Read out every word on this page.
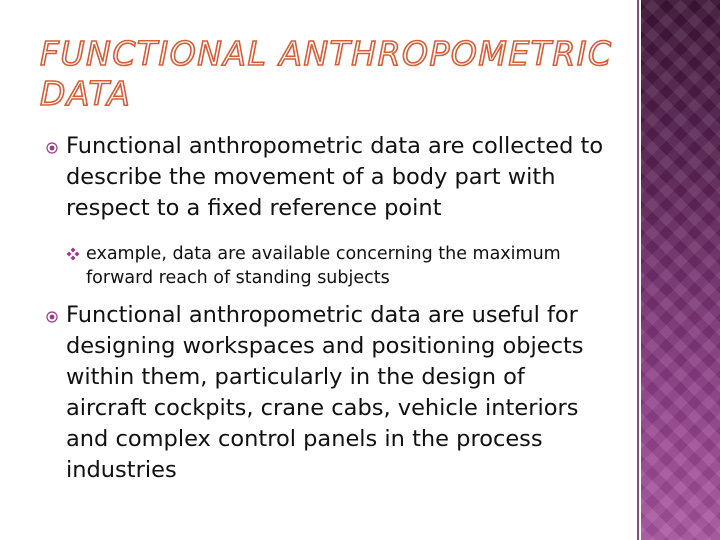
FUNCTIONAL ANTHROPOMETRIC DATA

Functional anthropometric data are collected to describe the movement of a body part with respect to a fixed reference point

example, data are available concerning the maximum forward reach of standing subjects

Functional anthropometric data are useful for designing workspaces and positioning objects within them, particularly in the design of aircraft cockpits, crane cabs, vehicle interiors and complex control panels in the process industries
